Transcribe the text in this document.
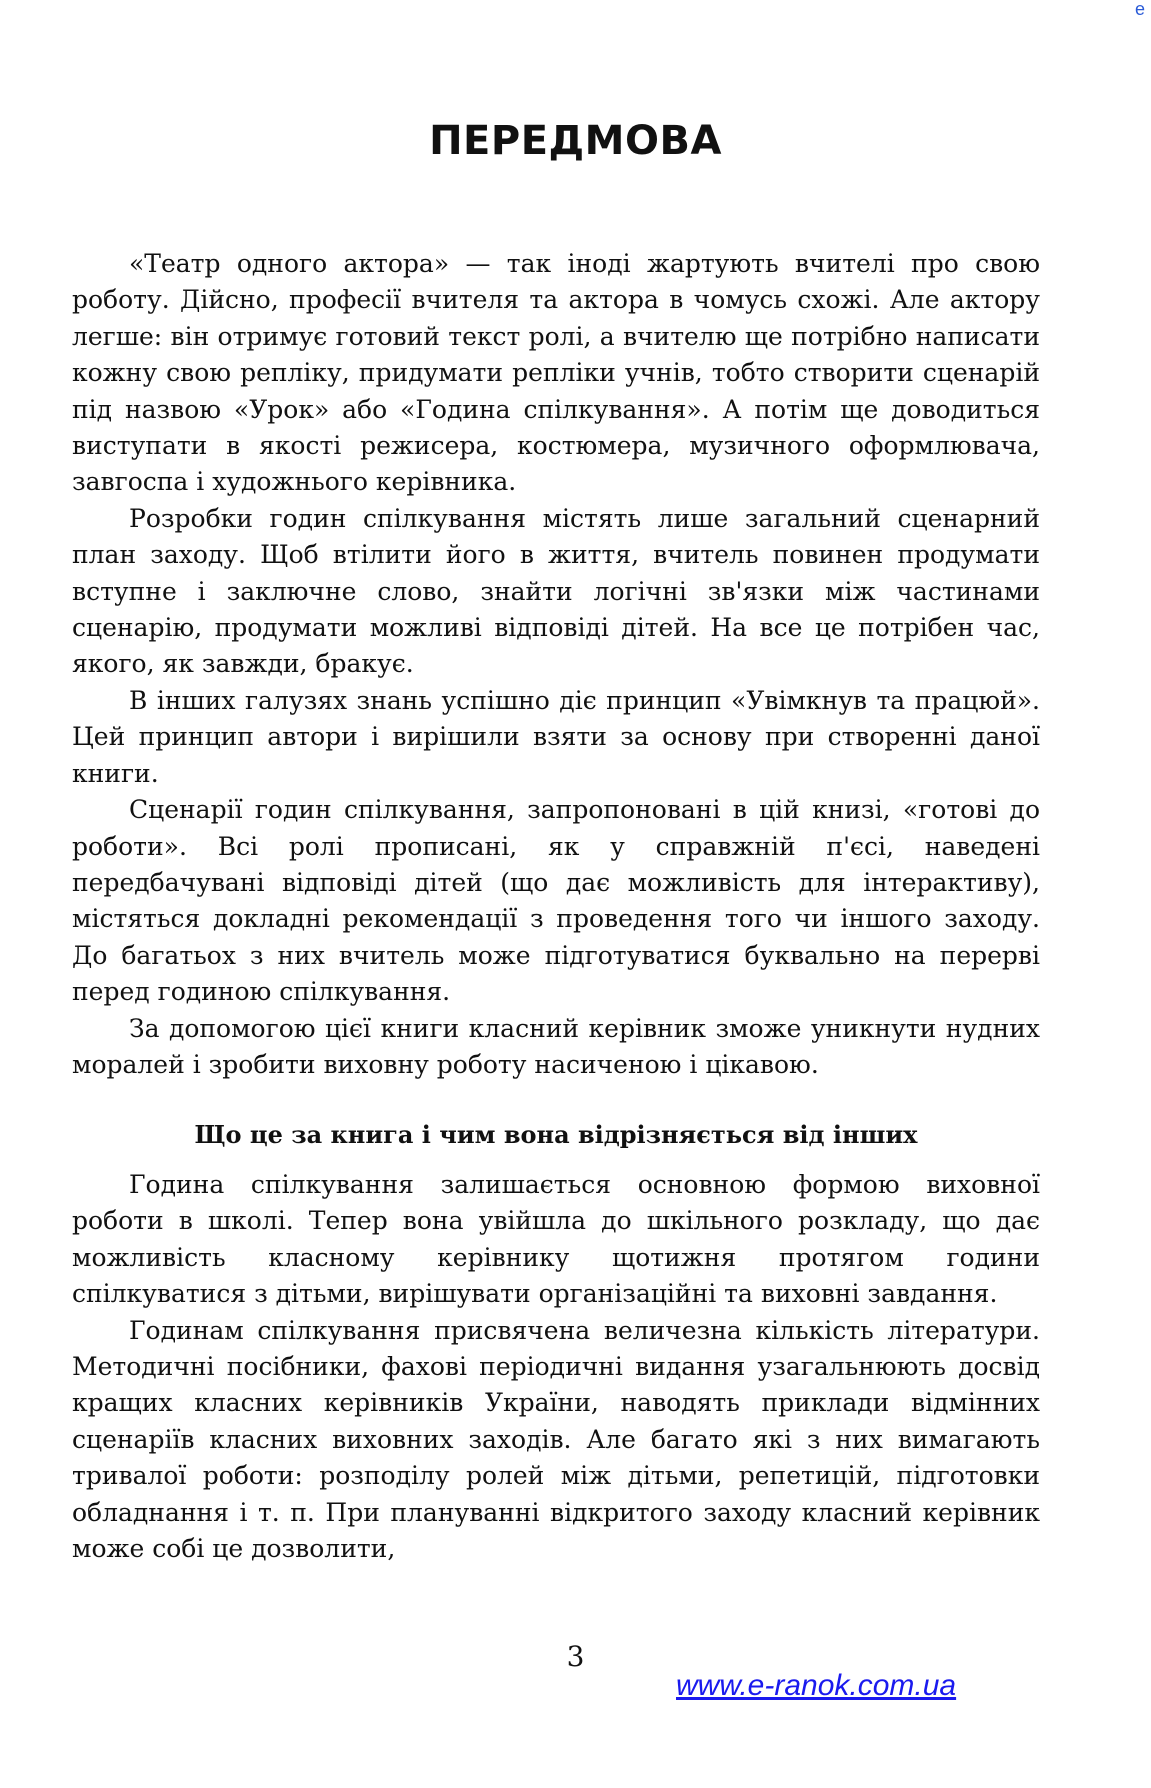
е
ПЕРЕДМОВА

«Театр одного актора» — так іноді жартують вчителі про свою роботу. Дійсно, професії вчителя та актора в чомусь схожі. Але актору легше: він отримує готовий текст ролі, а вчителю ще потрібно написати кожну свою репліку, придумати репліки учнів, тобто створити сценарій під назвою «Урок» або «Година спілкування». А потім ще доводиться виступати в якості режисера, костюмера, музичного оформлювача, завгоспа і художнього керівника.

Розробки годин спілкування містять лише загальний сценарний план заходу. Щоб втілити його в життя, вчитель повинен продумати вступне і заключне слово, знайти логічні зв'язки між частинами сценарію, продумати можливі відповіді дітей. На все це потрібен час, якого, як завжди, бракує.

В інших галузях знань успішно діє принцип «Увімкнув та працюй». Цей принцип автори і вирішили взяти за основу при створенні даної книги.

Сценарії годин спілкування, запропоновані в цій книзі, «готові до роботи». Всі ролі прописані, як у справжній п'єсі, наведені передбачувані відповіді дітей (що дає можливість для інтерактиву), містяться докладні рекомендації з проведення того чи іншого заходу. До багатьох з них вчитель може підготуватися буквально на перерві перед годиною спілкування.

За допомогою цієї книги класний керівник зможе уникнути нудних моралей і зробити виховну роботу насиченою і цікавою.

Що це за книга і чим вона відрізняється від інших

Година спілкування залишається основною формою виховної роботи в школі. Тепер вона увійшла до шкільного розкладу, що дає можливість класному керівнику щотижня протягом години спілкуватися з дітьми, вирішувати організаційні та виховні завдання.

Годинам спілкування присвячена величезна кількість літератури. Методичні посібники, фахові періодичні видання узагальнюють досвід кращих класних керівників України, наводять приклади відмінних сценаріїв класних виховних заходів. Але багато які з них вимагають тривалої роботи: розподілу ролей між дітьми, репетицій, підготовки обладнання і т. п. При плануванні відкритого заходу класний керівник може собі це дозволити,

3
www.e-ranok.com.ua
